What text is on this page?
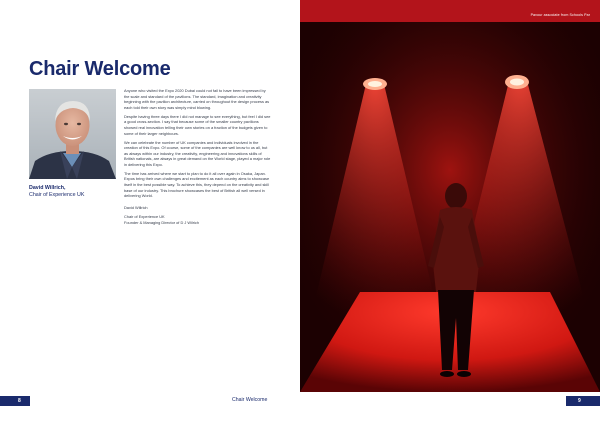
Chair Welcome
David Willrich,
Chair of Experience UK

Anyone who visited the Expo 2020 Dubai could not fail to have been impressed by the scale and standard of the pavilions. The standard, imagination and creativity beginning with the pavilion architecture, carried on throughout the design process as each told their own story was simply mind blowing.

Despite having three days there I did not manage to see everything, but feel I did see a good cross-section. I say that because some of the smaller country pavilions showed real innovation telling their own stories on a fraction of the budgets given to some of their larger neighbours.

We can celebrate the number of UK companies and individuals involved in the creation of this Expo. Of course, some of the companies are well know to us all, but as always within our industry, the creativity, engineering and innovations skills of British nationals, are always in great demand on the World stage, played a major role in delivering this Expo.

The time has arrived where we start to plan to do it all over again in Osaka, Japan. Expos bring their own challenges and excitement as each country aims to showcase itself in the best possible way. To achieve this, they depend on the creativity and skill base of our industry. This brochure showcases the best of British all well versed in delivering World.

David Willrich
Chair of Experience UK
Founder & Managing Director of D J Wilrich
8	Chair Welcome
Pavour associate from Schools Par
9
